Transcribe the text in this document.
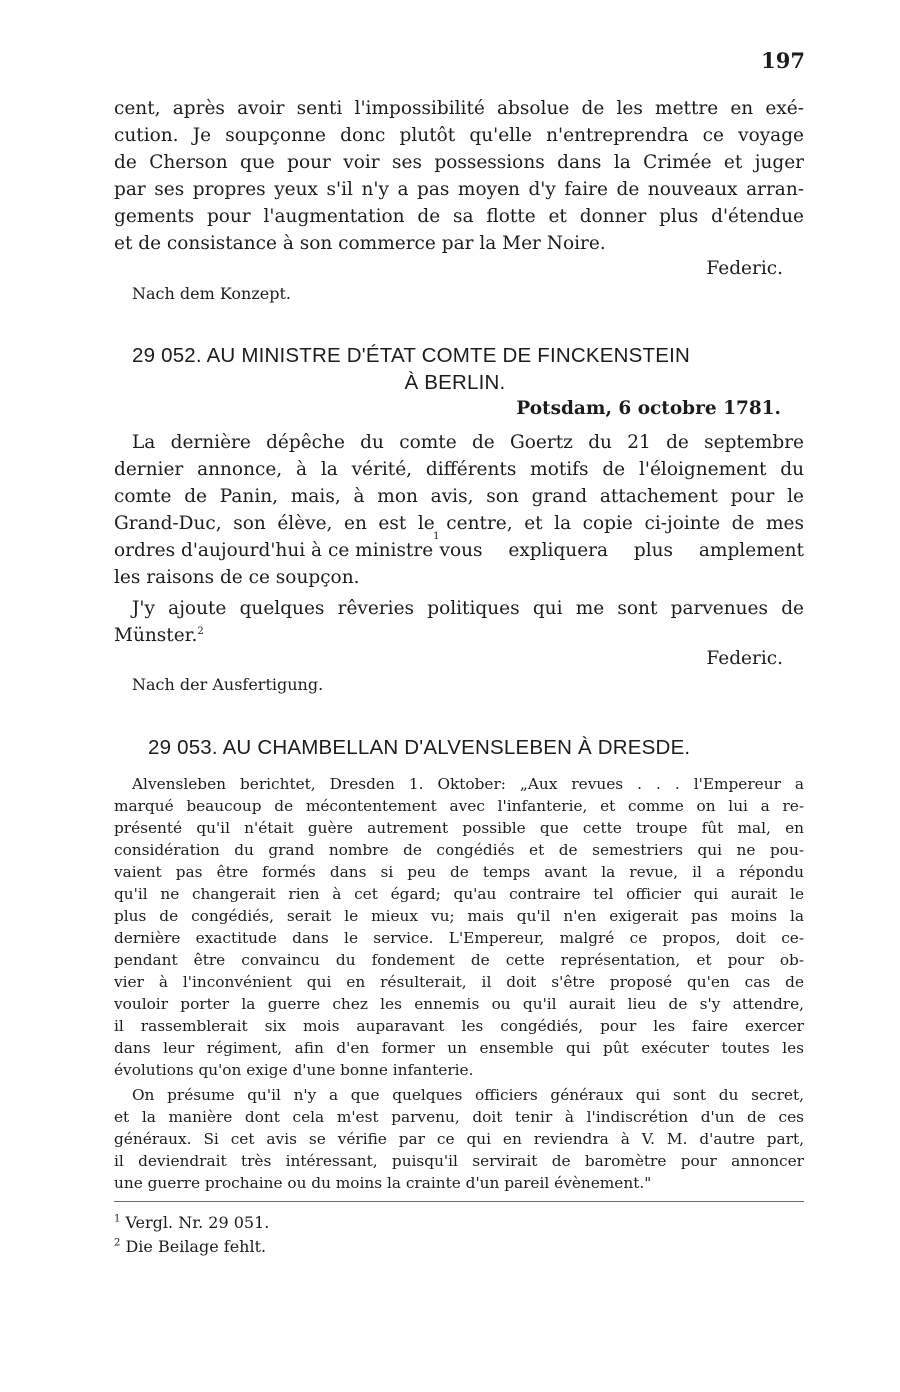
197

cent, après avoir senti l'impossibilité absolue de les mettre en exé-

cution. Je soupçonne donc plutôt qu'elle n'entreprendra ce voyage

de Cherson que pour voir ses possessions dans la Crimée et juger

par ses propres yeux s'il n'y a pas moyen d'y faire de nouveaux arran-

gements pour l'augmentation de sa flotte et donner plus d'étendue

et de consistance à son commerce par la Mer Noire.

Federic.

Nach dem Konzept.

29 052. AU MINISTRE D'ÉTAT COMTE DE FINCKENSTEIN

À BERLIN.

Potsdam, 6 octobre 1781.

La dernière dépêche du comte de Goertz du 21 de septembre

dernier annonce, à la vérité, différents motifs de l'éloignement du

comte de Panin, mais, à mon avis, son grand attachement pour le

Grand-Duc, son élève, en est le centre, et la copie ci-jointe de mes

ordres d'aujourd'hui à ce ministre
1
vous expliquera plus amplement

les raisons de ce soupçon.

J'y ajoute quelques rêveries politiques qui me sont parvenues de

Münster.$^2$

Federic.

Nach der Ausfertigung.

29 053. AU CHAMBELLAN D'ALVENSLEBEN À DRESDE.

Alvensleben berichtet, Dresden 1. Oktober: „Aux revues . . . l'Empereur a

marqué beaucoup de mécontentement avec l'infanterie, et comme on lui a re-

présenté qu'il n'était guère autrement possible que cette troupe fût mal, en

considération du grand nombre de congédiés et de semestriers qui ne pou-

vaient pas être formés dans si peu de temps avant la revue, il a répondu

qu'il ne changerait rien à cet égard; qu'au contraire tel officier qui aurait le

plus de congédiés, serait le mieux vu; mais qu'il n'en exigerait pas moins la

dernière exactitude dans le service. L'Empereur, malgré ce propos, doit ce-

pendant être convaincu du fondement de cette représentation, et pour ob-

vier à l'inconvénient qui en résulterait, il doit s'être proposé qu'en cas de

vouloir porter la guerre chez les ennemis ou qu'il aurait lieu de s'y attendre,

il rassemblerait six mois auparavant les congédiés, pour les faire exercer

dans leur régiment, afin d'en former un ensemble qui pût exécuter toutes les

évolutions qu'on exige d'une bonne infanterie.

On présume qu'il n'y a que quelques officiers généraux qui sont du secret,

et la manière dont cela m'est parvenu, doit tenir à l'indiscrétion d'un de ces

généraux. Si cet avis se vérifie par ce qui en reviendra à V. M. d'autre part,

il deviendrait très intéressant, puisqu'il servirait de baromètre pour annoncer

une guerre prochaine ou du moins la crainte d'un pareil évènement."

$^1$ Vergl. Nr. 29 051.

$^2$ Die Beilage fehlt.
